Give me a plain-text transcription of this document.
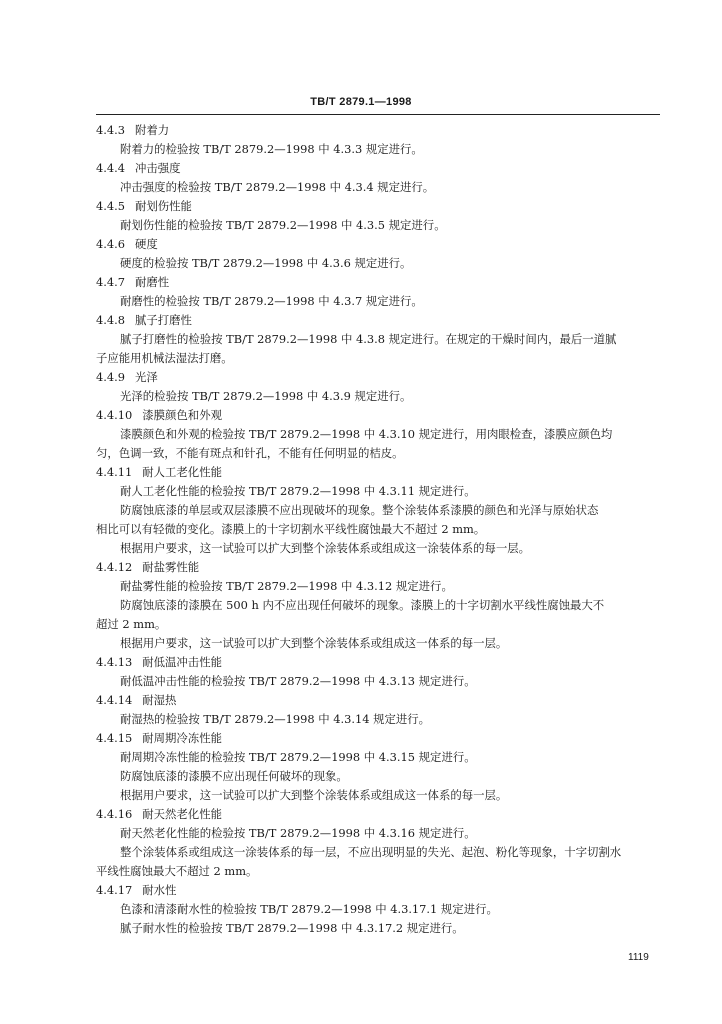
TB/T 2879.1—1998
4.4.3 附着力
附着力的检验按 TB/T 2879.2—1998 中 4.3.3 规定进行。
4.4.4 冲击强度
冲击强度的检验按 TB/T 2879.2—1998 中 4.3.4 规定进行。
4.4.5 耐划伤性能
耐划伤性能的检验按 TB/T 2879.2—1998 中 4.3.5 规定进行。
4.4.6 硬度
硬度的检验按 TB/T 2879.2—1998 中 4.3.6 规定进行。
4.4.7 耐磨性
耐磨性的检验按 TB/T 2879.2—1998 中 4.3.7 规定进行。
4.4.8 腻子打磨性
腻子打磨性的检验按 TB/T 2879.2—1998 中 4.3.8 规定进行。在规定的干燥时间内，最后一道腻
子应能用机械法湿法打磨。
4.4.9 光泽
光泽的检验按 TB/T 2879.2—1998 中 4.3.9 规定进行。
4.4.10 漆膜颜色和外观
漆膜颜色和外观的检验按 TB/T 2879.2—1998 中 4.3.10 规定进行，用肉眼检查，漆膜应颜色均
匀，色调一致，不能有斑点和针孔，不能有任何明显的桔皮。
4.4.11 耐人工老化性能
耐人工老化性能的检验按 TB/T 2879.2—1998 中 4.3.11 规定进行。
防腐蚀底漆的单层或双层漆膜不应出现破坏的现象。整个涂装体系漆膜的颜色和光泽与原始状态
相比可以有轻微的变化。漆膜上的十字切割水平线性腐蚀最大不超过 2 mm。
根据用户要求，这一试验可以扩大到整个涂装体系或组成这一涂装体系的每一层。
4.4.12 耐盐雾性能
耐盐雾性能的检验按 TB/T 2879.2—1998 中 4.3.12 规定进行。
防腐蚀底漆的漆膜在 500 h 内不应出现任何破坏的现象。漆膜上的十字切割水平线性腐蚀最大不
超过 2 mm。
根据用户要求，这一试验可以扩大到整个涂装体系或组成这一体系的每一层。
4.4.13 耐低温冲击性能
耐低温冲击性能的检验按 TB/T 2879.2—1998 中 4.3.13 规定进行。
4.4.14 耐湿热
耐湿热的检验按 TB/T 2879.2—1998 中 4.3.14 规定进行。
4.4.15 耐周期冷冻性能
耐周期冷冻性能的检验按 TB/T 2879.2—1998 中 4.3.15 规定进行。
防腐蚀底漆的漆膜不应出现任何破坏的现象。
根据用户要求，这一试验可以扩大到整个涂装体系或组成这一体系的每一层。
4.4.16 耐天然老化性能
耐天然老化性能的检验按 TB/T 2879.2—1998 中 4.3.16 规定进行。
整个涂装体系或组成这一涂装体系的每一层，不应出现明显的失光、起泡、粉化等现象，十字切割水
平线性腐蚀最大不超过 2 mm。
4.4.17 耐水性
色漆和清漆耐水性的检验按 TB/T 2879.2—1998 中 4.3.17.1 规定进行。
腻子耐水性的检验按 TB/T 2879.2—1998 中 4.3.17.2 规定进行。
1119
